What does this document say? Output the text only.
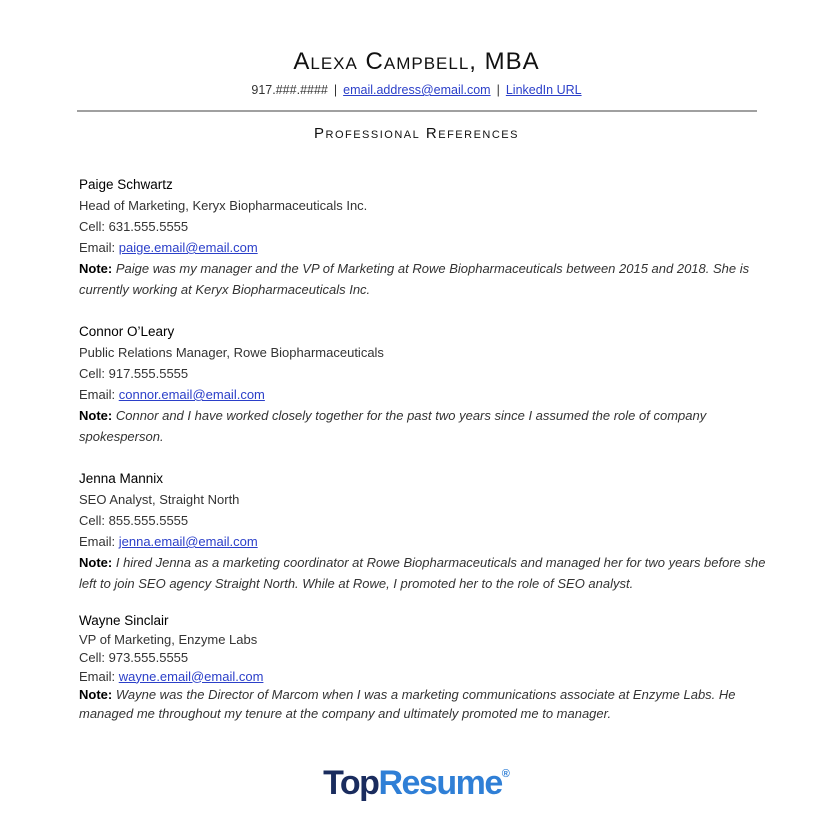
Alexa Campbell, MBA
917.###.#### | email.address@email.com | LinkedIn URL
Professional References
Paige Schwartz
Head of Marketing, Keryx Biopharmaceuticals Inc.
Cell: 631.555.5555
Email: paige.email@email.com
Note: Paige was my manager and the VP of Marketing at Rowe Biopharmaceuticals between 2015 and 2018. She is currently working at Keryx Biopharmaceuticals Inc.
Connor O’Leary
Public Relations Manager, Rowe Biopharmaceuticals
Cell: 917.555.5555
Email: connor.email@email.com
Note: Connor and I have worked closely together for the past two years since I assumed the role of company spokesperson.
Jenna Mannix
SEO Analyst, Straight North
Cell: 855.555.5555
Email: jenna.email@email.com
Note: I hired Jenna as a marketing coordinator at Rowe Biopharmaceuticals and managed her for two years before she left to join SEO agency Straight North. While at Rowe, I promoted her to the role of SEO analyst.
Wayne Sinclair
VP of Marketing, Enzyme Labs
Cell: 973.555.5555
Email: wayne.email@email.com
Note: Wayne was the Director of Marcom when I was a marketing communications associate at Enzyme Labs. He managed me throughout my tenure at the company and ultimately promoted me to manager.
TopResume®
